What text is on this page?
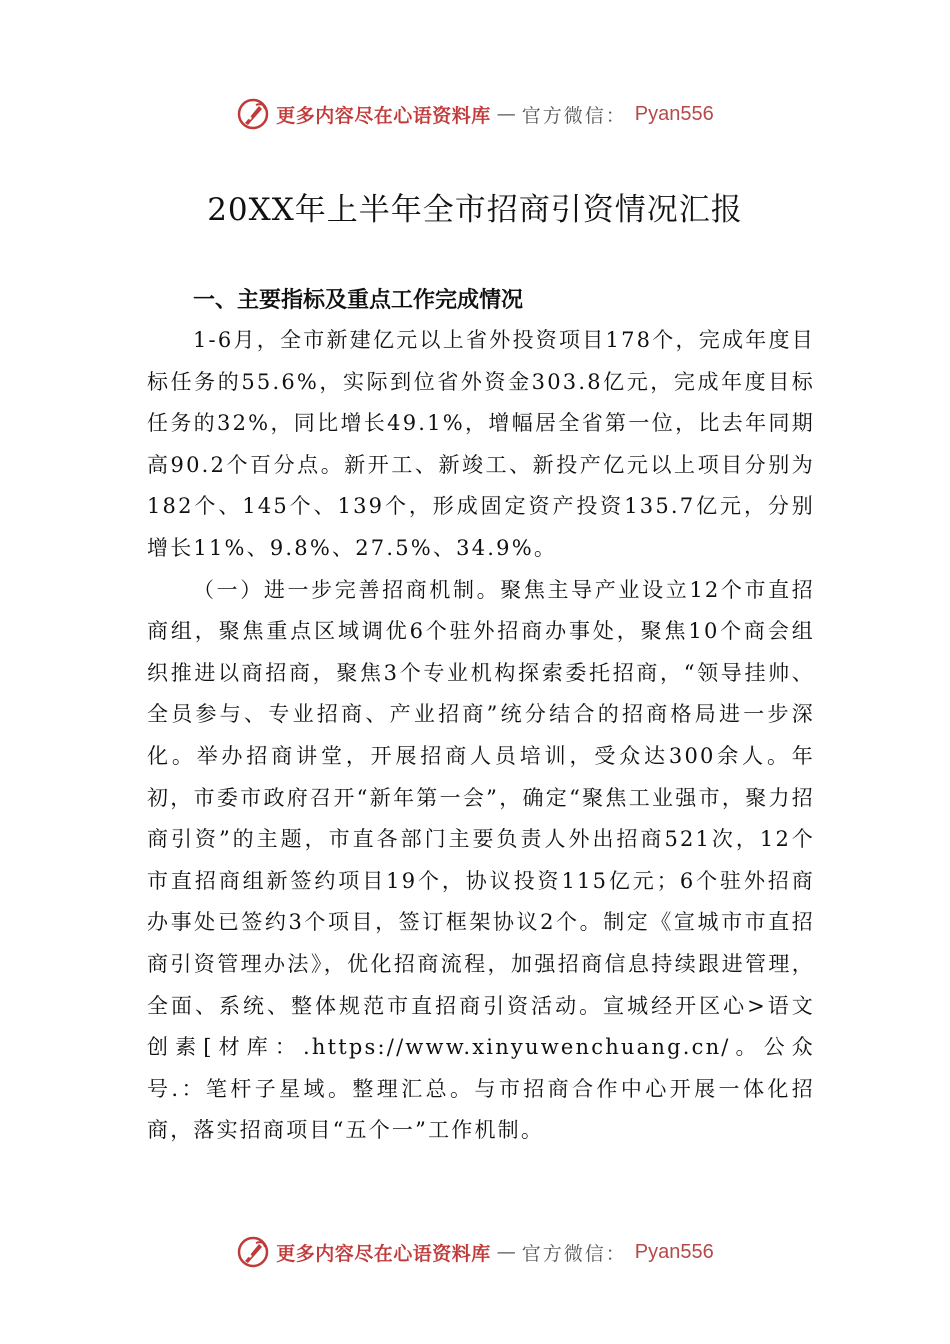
更多内容尽在心语资料库 — 官方微信： Pyan556
20XX年上半年全市招商引资情况汇报
一、主要指标及重点工作完成情况

1-6月，全市新建亿元以上省外投资项目178个，完成年度目标任务的55.6%，实际到位省外资金303.8亿元，完成年度目标任务的32%，同比增长49.1%，增幅居全省第一位，比去年同期高90.2个百分点。新开工、新竣工、新投产亿元以上项目分别为182个、145个、139个，形成固定资产投资135.7亿元，分别增长11%、9.8%、27.5%、34.9%。

（一）进一步完善招商机制。聚焦主导产业设立12个市直招商组，聚焦重点区域调优6个驻外招商办事处，聚焦10个商会组织推进以商招商，聚焦3个专业机构探索委托招商，“领导挂帅、全员参与、专业招商、产业招商”统分结合的招商格局进一步深化。举办招商讲堂，开展招商人员培训，受众达300余人。年初，市委市政府召开“新年第一会”，确定“聚焦工业强市，聚力招商引资”的主题，市直各部门主要负责人外出招商521次，12个市直招商组新签约项目19个，协议投资115亿元；6个驻外招商办事处已签约3个项目，签订框架协议2个。制定《宣城市市直招商引资管理办法》，优化招商流程，加强招商信息持续跟进管理，全面、系统、整体规范市直招商引资活动。宣城经开区心>语文创素[材库：.https://www.xinyuwenchuang.cn/。公众号.：笔杆子星域。整理汇总。与市招商合作中心开展一体化招商，落实招商项目“五个一”工作机制。

更多内容尽在心语资料库 — 官方微信： Pyan556
